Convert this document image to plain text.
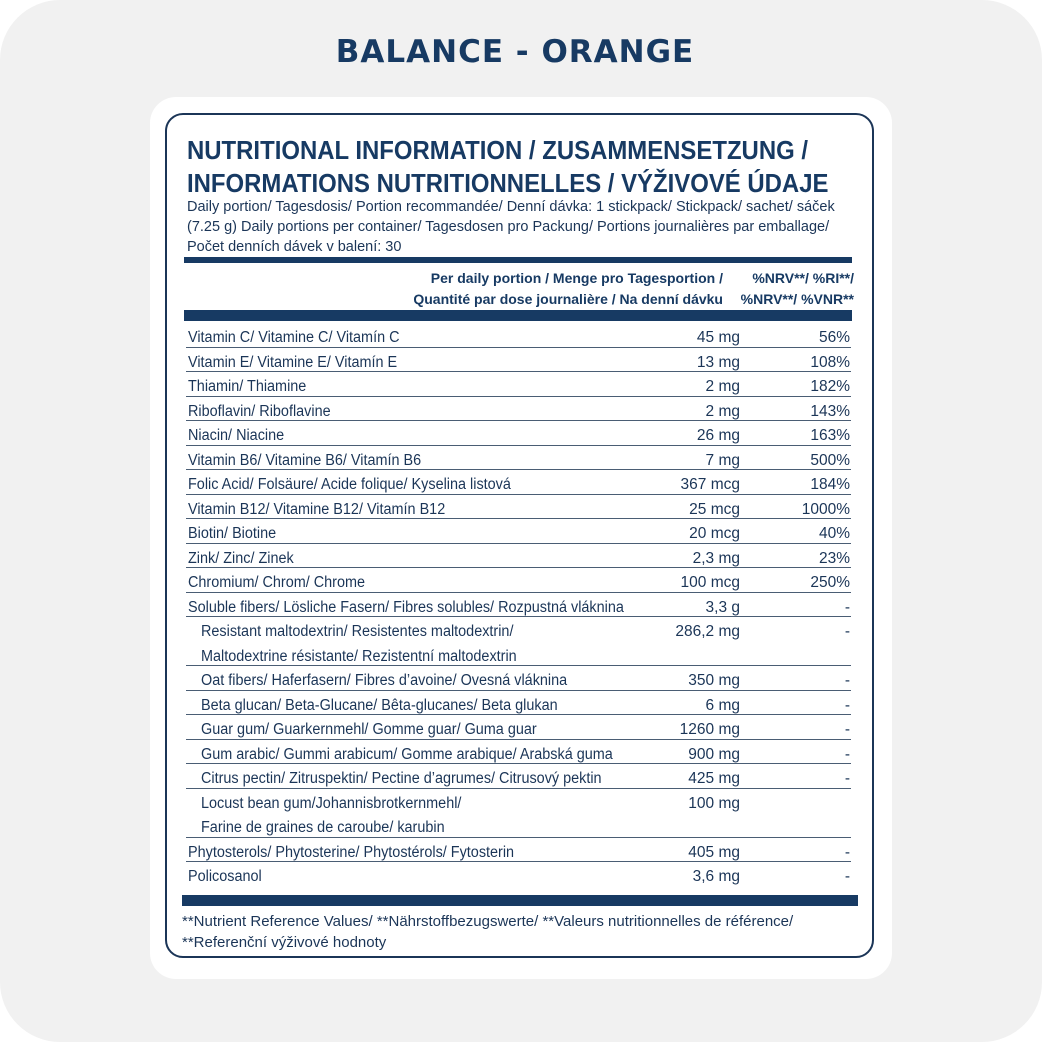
BALANCE - ORANGE
NUTRITIONAL INFORMATION / ZUSAMMENSETZUNG /
INFORMATIONS NUTRITIONNELLES / VÝŽIVOVÉ ÚDAJE
Daily portion/ Tagesdosis/ Portion recommandée/ Denní dávka: 1 stickpack/ Stickpack/ sachet/ sáček (7.25 g) Daily portions per container/ Tagesdosen pro Packung/ Portions journalières par emballage/ Počet denních dávek v balení: 30
Per daily portion / Menge pro Tagesportion /
Quantité par dose journalière / Na denní dávku
%NRV**/ %RI**/
%NRV**/ %VNR**
Vitamin C/ Vitamine C/ Vitamín C	45 mg	56%
Vitamin E/ Vitamine E/ Vitamín E	13 mg	108%
Thiamin/ Thiamine	2 mg	182%
Riboflavin/ Riboflavine	2 mg	143%
Niacin/ Niacine	26 mg	163%
Vitamin B6/ Vitamine B6/ Vitamín B6	7 mg	500%
Folic Acid/ Folsäure/ Acide folique/ Kyselina listová	367 mcg	184%
Vitamin B12/ Vitamine B12/ Vitamín B12	25 mcg	1000%
Biotin/ Biotine	20 mcg	40%
Zink/ Zinc/ Zinek	2,3 mg	23%
Chromium/ Chrom/ Chrome	100 mcg	250%
Soluble fibers/ Lösliche Fasern/ Fibres solubles/ Rozpustná vláknina	3,3 g	-
Resistant maltodextrin/ Resistentes maltodextrin/
Maltodextrine résistante/ Rezistentní maltodextrin
286,2 mg	-
Oat fibers/ Haferfasern/ Fibres d’avoine/ Ovesná vláknina	350 mg	-
Beta glucan/ Beta-Glucane/ Bêta-glucanes/ Beta glukan	6 mg	-
Guar gum/ Guarkernmehl/ Gomme guar/ Guma guar	1260 mg	-
Gum arabic/ Gummi arabicum/ Gomme arabique/ Arabská guma	900 mg	-
Citrus pectin/ Zitruspektin/ Pectine d’agrumes/ Citrusový pektin	425 mg	-
Locust bean gum/Johannisbrotkernmehl/
Farine de graines de caroube/ karubin
100 mg
Phytosterols/ Phytosterine/ Phytostérols/ Fytosterin	405 mg	-
Policosanol	3,6 mg	-
**Nutrient Reference Values/ **Nährstoffbezugswerte/ **Valeurs nutritionnelles de référence/ **Referenční výživové hodnoty
